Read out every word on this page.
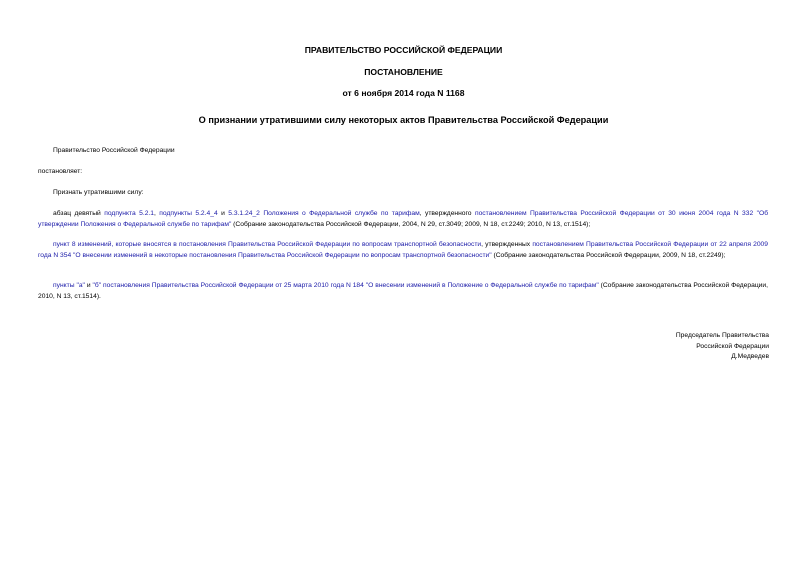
ПРАВИТЕЛЬСТВО РОССИЙСКОЙ ФЕДЕРАЦИИ
ПОСТАНОВЛЕНИЕ
от 6 ноября 2014 года N 1168
О признании утратившими силу некоторых актов Правительства Российской Федерации
Правительство Российской Федерации
постановляет:
Признать утратившими силу:
абзац девятый подпункта 5.2.1, подпункты 5.2.4_4 и 5.3.1.24_2 Положения о Федеральной службе по тарифам, утвержденного постановлением Правительства Российской Федерации от 30 июня 2004 года N 332 "Об утверждении Положения о Федеральной службе по тарифам" (Собрание законодательства Российской Федерации, 2004, N 29, ст.3049; 2009, N 18, ст.2249; 2010, N 13, ст.1514);
пункт 8 изменений, которые вносятся в постановления Правительства Российской Федерации по вопросам транспортной безопасности, утвержденных постановлением Правительства Российской Федерации от 22 апреля 2009 года N 354 "О внесении изменений в некоторые постановления Правительства Российской Федерации по вопросам транспортной безопасности" (Собрание законодательства Российской Федерации, 2009, N 18, ст.2249);
пункты "а" и "б" постановления Правительства Российской Федерации от 25 марта 2010 года N 184 "О внесении изменений в Положение о Федеральной службе по тарифам" (Собрание законодательства Российской Федерации, 2010, N 13, ст.1514).
Председатель Правительства
Российской Федерации
Д.Медведев
